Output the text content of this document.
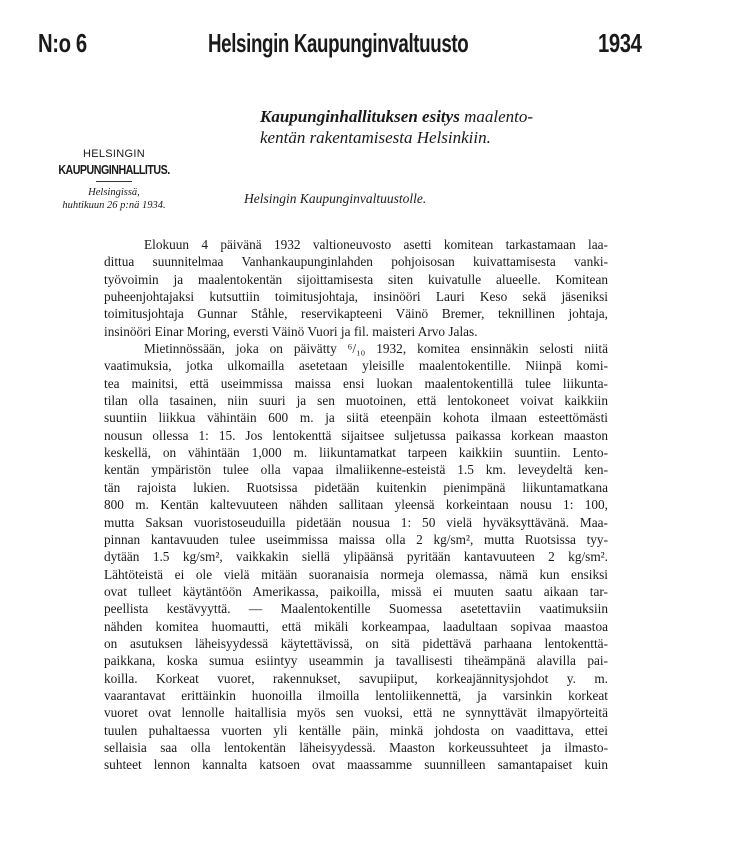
N:o 6	Helsingin Kaupunginvaltuusto	1934
Kaupunginhallituksen esitys maalento-
kentän rakentamisesta Helsinkiin.
HELSINGIN
KAUPUNGINHALLITUS.
Helsingissä,
huhtikuun 26 p:nä 1934.	Helsingin Kaupunginvaltuustolle.
Elokuun 4 päivänä 1932 valtioneuvosto asetti komitean tarkastamaan laa-
dittua suunnitelmaa Vanhankaupunginlahden pohjoisosan kuivattamisesta vanki-
työvoimin ja maalentokentän sijoittamisesta siten kuivatulle alueelle. Komitean
puheenjohtajaksi kutsuttiin toimitusjohtaja, insinööri Lauri Keso sekä jäseniksi
toimitusjohtaja Gunnar Ståhle, reservikapteeni Väinö Bremer, teknillinen johtaja,
insinööri Einar Moring, eversti Väinö Vuori ja fil. maisteri Arvo Jalas.
Mietinnössään, joka on päivätty ⁶/₁₀ 1932, komitea ensinnäkin selosti niitä
vaatimuksia, jotka ulkomailla asetetaan yleisille maalentokentille. Niinpä komi-
tea mainitsi, että useimmissa maissa ensi luokan maalentokentillä tulee liikunta-
tilan olla tasainen, niin suuri ja sen muotoinen, että lentokoneet voivat kaikkiin
suuntiin liikkua vähintäin 600 m. ja siitä eteenpäin kohota ilmaan esteettömästi
nousun ollessa 1: 15. Jos lentokenttä sijaitsee suljetussa paikassa korkean maaston
keskellä, on vähintään 1,000 m. liikuntamatkat tarpeen kaikkiin suuntiin. Lento-
kentän ympäristön tulee olla vapaa ilmaliikenne-esteistä 1.5 km. leveydeltä ken-
tän rajoista lukien. Ruotsissa pidetään kuitenkin pienimpänä liikuntamatkana
800 m. Kentän kaltevuuteen nähden sallitaan yleensä korkeintaan nousu 1: 100,
mutta Saksan vuoristoseuduilla pidetään nousua 1: 50 vielä hyväksyttävänä. Maa-
pinnan kantavuuden tulee useimmissa maissa olla 2 kg/sm², mutta Ruotsissa tyy-
dytään 1.5 kg/sm², vaikkakin siellä ylipäänsä pyritään kantavuuteen 2 kg/sm².
Lähtöteistä ei ole vielä mitään suoranaisia normeja olemassa, nämä kun ensiksi
ovat tulleet käytäntöön Amerikassa, paikoilla, missä ei muuten saatu aikaan tar-
peellista kestävyyttä. — Maalentokentille Suomessa asetettaviin vaatimuksiin
nähden komitea huomautti, että mikäli korkeampaa, laadultaan sopivaa maastoa
on asutuksen läheisyydessä käytettävissä, on sitä pidettävä parhaana lentokenttä-
paikkana, koska sumua esiintyy useammin ja tavallisesti tiheämpänä alavilla pai-
koilla. Korkeat vuoret, rakennukset, savupiiput, korkeajännitysjohdot y. m.
vaarantavat erittäinkin huonoilla ilmoilla lentoliikennettä, ja varsinkin korkeat
vuoret ovat lennolle haitallisia myös sen vuoksi, että ne synnyttävät ilmapyörteitä
tuulen puhaltaessa vuorten yli kentälle päin, minkä johdosta on vaadittava, ettei
sellaisia saa olla lentokentän läheisyydessä. Maaston korkeussuhteet ja ilmasto-
suhteet lennon kannalta katsoen ovat maassamme suunnilleen samantapaiset kuin
